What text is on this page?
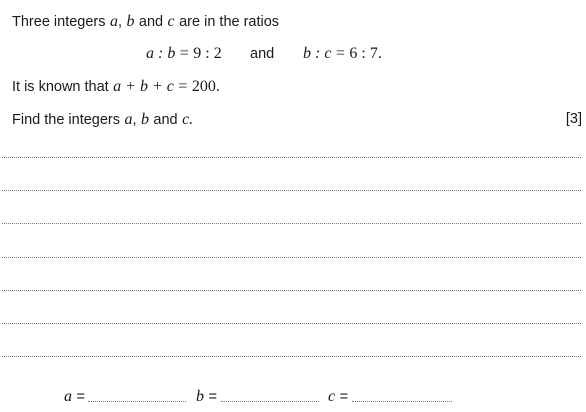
Three integers a, b and c are in the ratios
a : b = 9 : 2 and b : c = 6 : 7.
It is known that a + b + c = 200.
Find the integers a, b and c.	[3]
a =	b =	c =
